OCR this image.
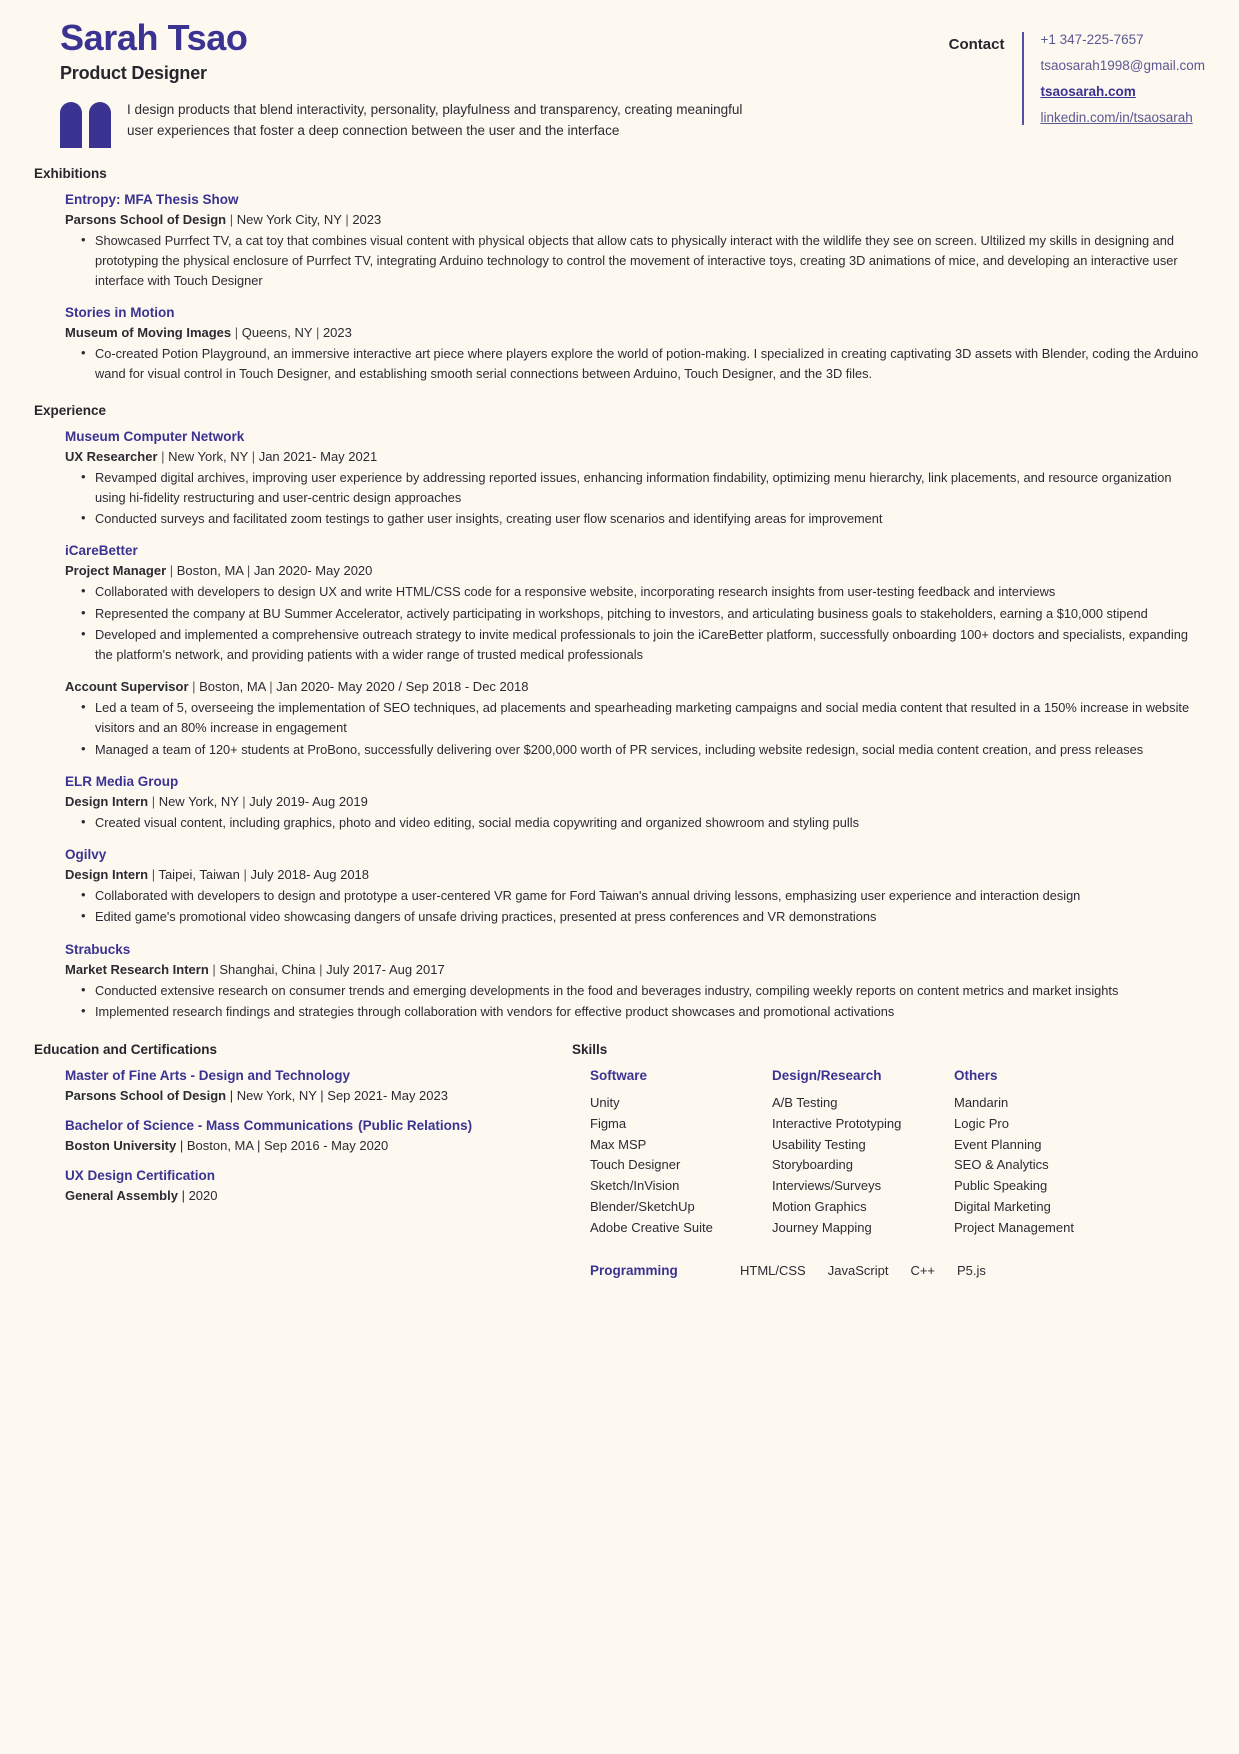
Sarah Tsao
Product Designer
I design products that blend interactivity, personality, playfulness and transparency, creating meaningful user experiences that foster a deep connection between the user and the interface
Contact	+1 347-225-7657
tsaosarah1998@gmail.com
tsaosarah.com
linkedin.com/in/tsaosarah
Exhibitions
Entropy: MFA Thesis Show
Parsons School of Design | New York City, NY | 2023
• Showcased Purrfect TV, a cat toy that combines visual content with physical objects that allow cats to physically interact with the wildlife they see on screen. Ultilized my skills in designing and prototyping the physical enclosure of Purrfect TV, integrating Arduino technology to control the movement of interactive toys, creating 3D animations of mice, and developing an interactive user interface with Touch Designer
Stories in Motion
Museum of Moving Images | Queens, NY | 2023
• Co-created Potion Playground, an immersive interactive art piece where players explore the world of potion-making. I specialized in creating captivating 3D assets with Blender, coding the Arduino wand for visual control in Touch Designer, and establishing smooth serial connections between Arduino, Touch Designer, and the 3D files.
Experience
Museum Computer Network
UX Researcher | New York, NY | Jan 2021- May 2021
• Revamped digital archives, improving user experience by addressing reported issues, enhancing information findability, optimizing menu hierarchy, link placements, and resource organization using hi-fidelity restructuring and user-centric design approaches
• Conducted surveys and facilitated zoom testings to gather user insights, creating user flow scenarios and identifying areas for improvement
iCareBetter
Project Manager | Boston, MA | Jan 2020- May 2020
• Collaborated with developers to design UX and write HTML/CSS code for a responsive website, incorporating research insights from user-testing feedback and interviews
• Represented the company at BU Summer Accelerator, actively participating in workshops, pitching to investors, and articulating business goals to stakeholders, earning a $10,000 stipend
• Developed and implemented a comprehensive outreach strategy to invite medical professionals to join the iCareBetter platform, successfully onboarding 100+ doctors and specialists, expanding the platform's network, and providing patients with a wider range of trusted medical professionals
Account Supervisor | Boston, MA | Jan 2020- May 2020 / Sep 2018 - Dec 2018
• Led a team of 5, overseeing the implementation of SEO techniques, ad placements and spearheading marketing campaigns and social media content that resulted in a 150% increase in website visitors and an 80% increase in engagement
• Managed a team of 120+ students at ProBono, successfully delivering over $200,000 worth of PR services, including website redesign, social media content creation, and press releases
ELR Media Group
Design Intern | New York, NY | July 2019- Aug 2019
• Created visual content, including graphics, photo and video editing, social media copywriting and organized showroom and styling pulls
Ogilvy
Design Intern | Taipei, Taiwan | July 2018- Aug 2018
• Collaborated with developers to design and prototype a user-centered VR game for Ford Taiwan's annual driving lessons, emphasizing user experience and interaction design
• Edited game's promotional video showcasing dangers of unsafe driving practices, presented at press conferences and VR demonstrations
Strabucks
Market Research Intern | Shanghai, China | July 2017- Aug 2017
• Conducted extensive research on consumer trends and emerging developments in the food and beverages industry, compiling weekly reports on content metrics and market insights
• Implemented research findings and strategies through collaboration with vendors for effective product showcases and promotional activations
Education and Certifications
Master of Fine Arts - Design and Technology
Parsons School of Design | New York, NY | Sep 2021- May 2023
Bachelor of Science - Mass Communications (Public Relations)
Boston University | Boston, MA | Sep 2016 - May 2020
UX Design Certification
General Assembly | 2020
Skills
Software
Unity
Figma
Max MSP
Touch Designer
Sketch/InVision
Blender/SketchUp
Adobe Creative Suite
Design/Research
A/B Testing
Interactive Prototyping
Usability Testing
Storyboarding
Interviews/Surveys
Motion Graphics
Journey Mapping
Others
Mandarin
Logic Pro
Event Planning
SEO & Analytics
Public Speaking
Digital Marketing
Project Management
Programming	HTML/CSS JavaScript C++ P5.js
